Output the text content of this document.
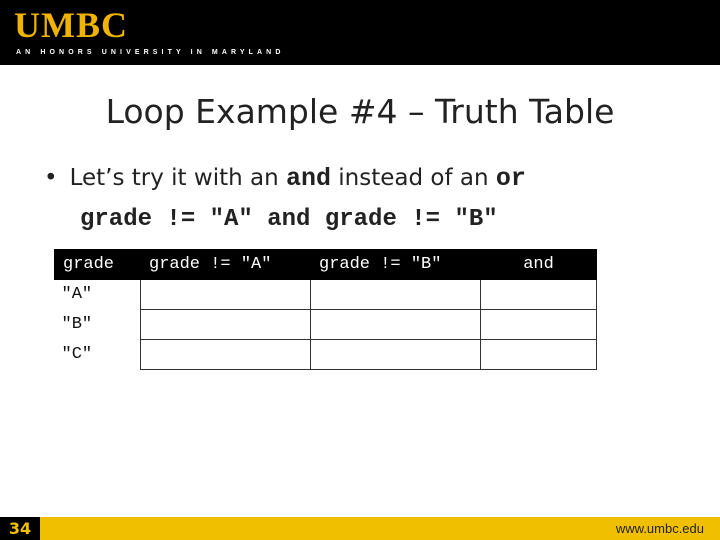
UMBC
AN HONORS UNIVERSITY IN MARYLAND
Loop Example #4 – Truth Table
• Let’s try it with an and instead of an or
grade != "A" and grade != "B"
grade	grade != "A"	grade != "B"	and
"A"			
"B"			
"C"			
34	www.umbc.edu
